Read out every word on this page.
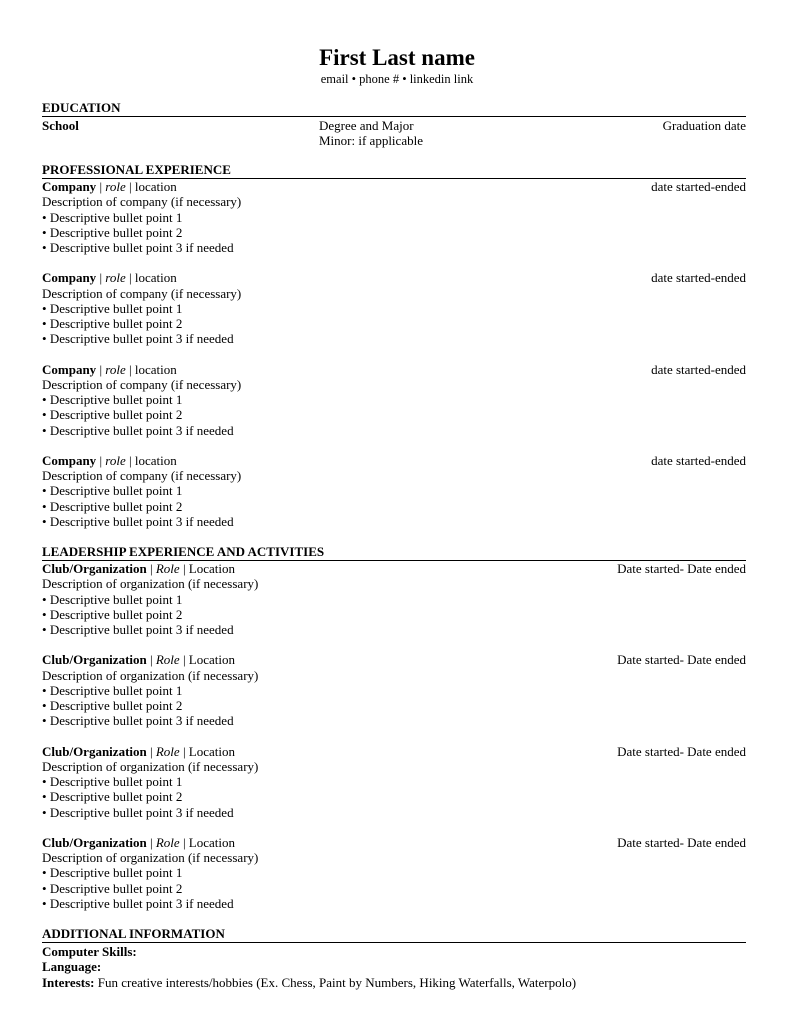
First Last name
email • phone # • linkedin link
EDUCATION
School	Degree and Major	Graduation date
Minor: if applicable
PROFESSIONAL EXPERIENCE
Company | role | location	date started-ended
Description of company (if necessary)
• Descriptive bullet point 1
• Descriptive bullet point 2
• Descriptive bullet point 3 if needed
Company | role | location	date started-ended
Description of company (if necessary)
• Descriptive bullet point 1
• Descriptive bullet point 2
• Descriptive bullet point 3 if needed
Company | role | location	date started-ended
Description of company (if necessary)
• Descriptive bullet point 1
• Descriptive bullet point 2
• Descriptive bullet point 3 if needed
Company | role | location	date started-ended
Description of company (if necessary)
• Descriptive bullet point 1
• Descriptive bullet point 2
• Descriptive bullet point 3 if needed
LEADERSHIP EXPERIENCE AND ACTIVITIES
Club/Organization | Role | Location	Date started- Date ended
Description of organization (if necessary)
• Descriptive bullet point 1
• Descriptive bullet point 2
• Descriptive bullet point 3 if needed
Club/Organization | Role | Location	Date started- Date ended
Description of organization (if necessary)
• Descriptive bullet point 1
• Descriptive bullet point 2
• Descriptive bullet point 3 if needed
Club/Organization | Role | Location	Date started- Date ended
Description of organization (if necessary)
• Descriptive bullet point 1
• Descriptive bullet point 2
• Descriptive bullet point 3 if needed
Club/Organization | Role | Location	Date started- Date ended
Description of organization (if necessary)
• Descriptive bullet point 1
• Descriptive bullet point 2
• Descriptive bullet point 3 if needed
ADDITIONAL INFORMATION
Computer Skills:
Language:
Interests: Fun creative interests/hobbies (Ex. Chess, Paint by Numbers, Hiking Waterfalls, Waterpolo)
